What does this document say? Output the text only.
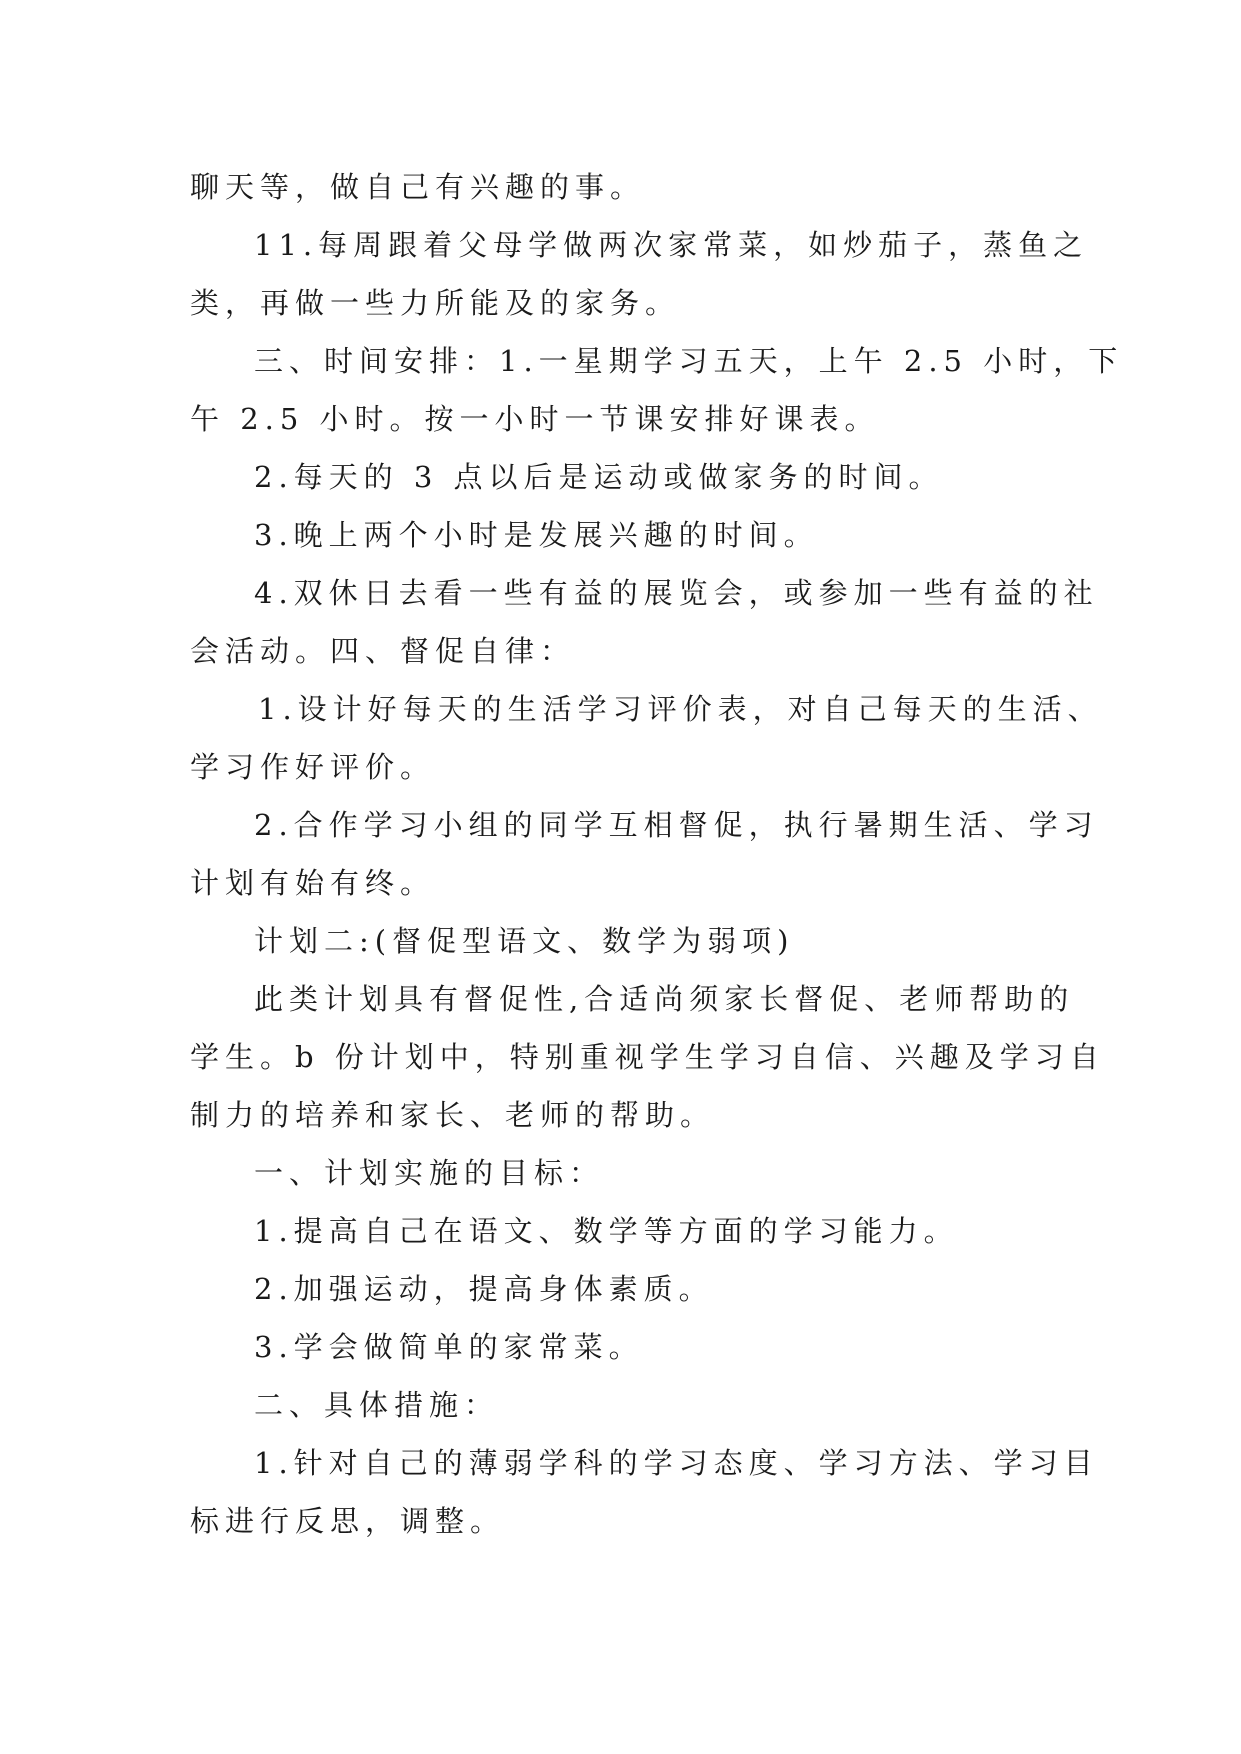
聊天等，做自己有兴趣的事。
11.每周跟着父母学做两次家常菜，如炒茄子，蒸鱼之
类，再做一些力所能及的家务。
三、时间安排：1.一星期学习五天，上午 2.5 小时，下
午 2.5 小时。按一小时一节课安排好课表。
2.每天的 3 点以后是运动或做家务的时间。
3.晚上两个小时是发展兴趣的时间。
4.双休日去看一些有益的展览会，或参加一些有益的社
会活动。四、督促自律：
1.设计好每天的生活学习评价表，对自己每天的生活、
学习作好评价。
2.合作学习小组的同学互相督促，执行暑期生活、学习
计划有始有终。
计划二:(督促型语文、数学为弱项)
此类计划具有督促性,合适尚须家长督促、老师帮助的
学生。b 份计划中，特别重视学生学习自信、兴趣及学习自
制力的培养和家长、老师的帮助。
一、计划实施的目标：
1.提高自己在语文、数学等方面的学习能力。
2.加强运动，提高身体素质。
3.学会做简单的家常菜。
二、具体措施：
1.针对自己的薄弱学科的学习态度、学习方法、学习目
标进行反思，调整。
